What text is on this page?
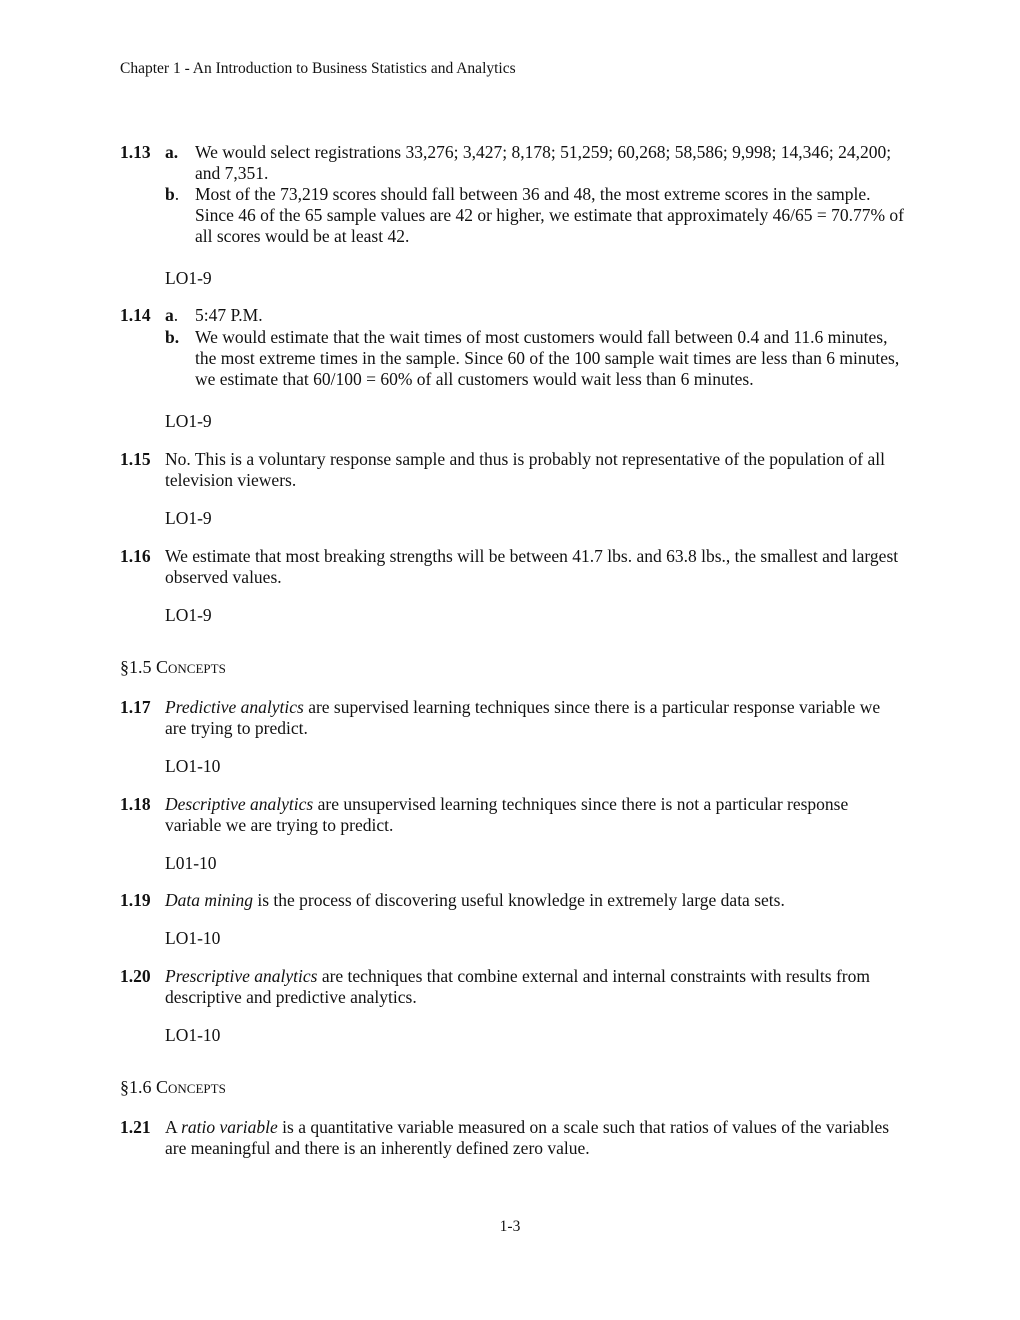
Chapter 1 - An Introduction to Business Statistics and Analytics
1.13 a. We would select registrations 33,276; 3,427; 8,178; 51,259; 60,268; 58,586; 9,998; 14,346; 24,200; and 7,351.
b. Most of the 73,219 scores should fall between 36 and 48, the most extreme scores in the sample. Since 46 of the 65 sample values are 42 or higher, we estimate that approximately 46/65 = 70.77% of all scores would be at least 42.
LO1-9
1.14 a. 5:47 P.M.
b. We would estimate that the wait times of most customers would fall between 0.4 and 11.6 minutes, the most extreme times in the sample. Since 60 of the 100 sample wait times are less than 6 minutes, we estimate that 60/100 = 60% of all customers would wait less than 6 minutes.
LO1-9
1.15 No. This is a voluntary response sample and thus is probably not representative of the population of all television viewers.
LO1-9
1.16 We estimate that most breaking strengths will be between 41.7 lbs. and 63.8 lbs., the smallest and largest observed values.
LO1-9
§1.5 Concepts
1.17 Predictive analytics are supervised learning techniques since there is a particular response variable we are trying to predict.
LO1-10
1.18 Descriptive analytics are unsupervised learning techniques since there is not a particular response variable we are trying to predict.
L01-10
1.19 Data mining is the process of discovering useful knowledge in extremely large data sets.
LO1-10
1.20 Prescriptive analytics are techniques that combine external and internal constraints with results from descriptive and predictive analytics.
LO1-10
§1.6 Concepts
1.21 A ratio variable is a quantitative variable measured on a scale such that ratios of values of the variables are meaningful and there is an inherently defined zero value.
1-3
